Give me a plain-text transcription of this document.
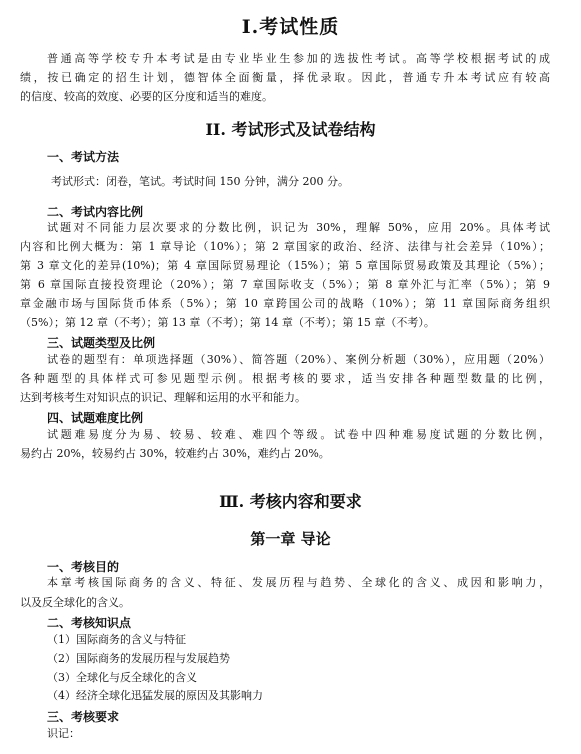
Ⅰ.考试性质
普通高等学校专升本考试是由专业毕业生参加的选拔性考试。高等学校根据考试的成
绩，按已确定的招生计划，德智体全面衡量，择优录取。因此，普通专升本考试应有较高
的信度、较高的效度、必要的区分度和适当的难度。
II. 考试形式及试卷结构
一、考试方法
考试形式：闭卷，笔试。考试时间 150 分钟，满分 200 分。
二、考试内容比例
试题对不同能力层次要求的分数比例，识记为 30%，理解 50%，应用 20%。具体考试
内容和比例大概为：第 1 章导论（10%）；第 2 章国家的政治、经济、法律与社会差异（10%）；
第 3 章文化的差异(10%)；第 4 章国际贸易理论（15%）；第 5 章国际贸易政策及其理论（5%）；
第 6 章国际直接投资理论（20%）；第 7 章国际收支（5%）；第 8 章外汇与汇率（5%）；第 9
章金融市场与国际货币体系（5%）；第 10 章跨国公司的战略（10%）；第 11 章国际商务组织
（5%）；第 12 章（不考）；第 13 章（不考）；第 14 章（不考）；第 15 章（不考）。
三、试题类型及比例
试卷的题型有：单项选择题（30%）、简答题（20%）、案例分析题（30%），应用题（20%）
各种题型的具体样式可参见题型示例。根据考核的要求，适当安排各种题型数量的比例，
达到考核考生对知识点的识记、理解和运用的水平和能力。
四、试题难度比例
试题难易度分为易、较易、较难、难四个等级。试卷中四种难易度试题的分数比例，
易约占 20%，较易约占 30%，较难约占 30%，难约占 20%。
Ⅲ. 考核内容和要求
第一章 导论
一、考核目的
本章考核国际商务的含义、特征、发展历程与趋势、全球化的含义、成因和影响力，
以及反全球化的含义。
二、考核知识点
（1）国际商务的含义与特征
（2）国际商务的发展历程与发展趋势
（3）全球化与反全球化的含义
（4）经济全球化迅猛发展的原因及其影响力
三、考核要求
识记：
